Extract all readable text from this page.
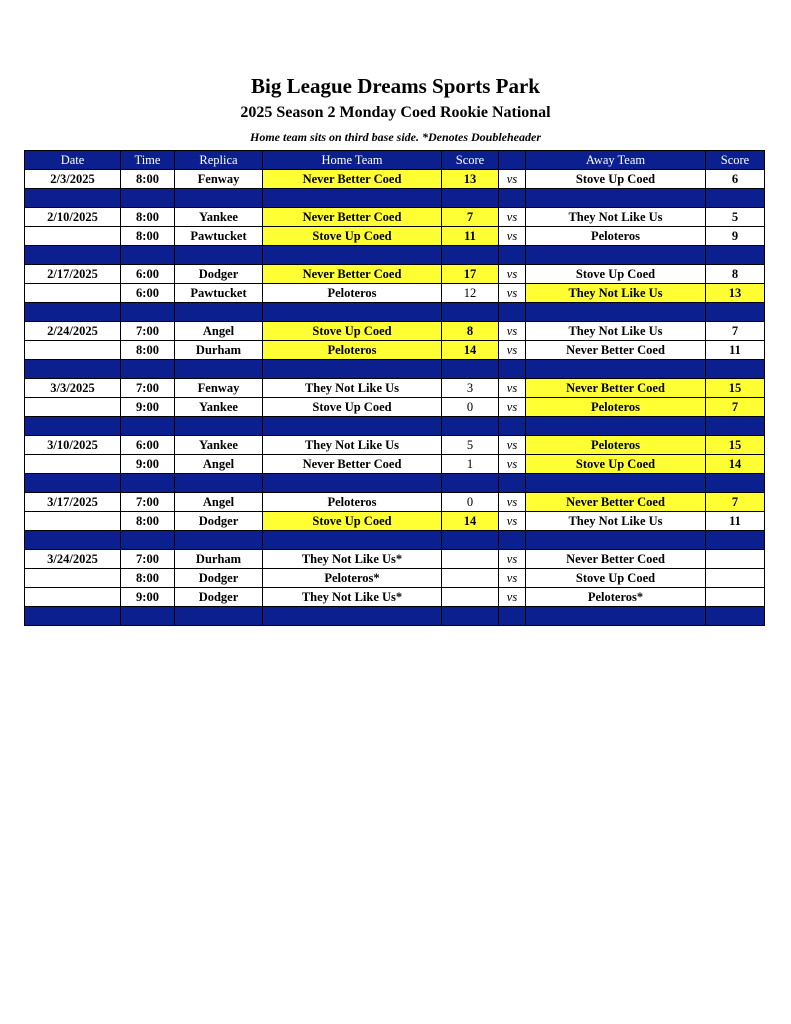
Big League Dreams Sports Park
2025 Season 2 Monday Coed Rookie National
Home team sits on third base side. *Denotes Doubleheader
Date	Time	Replica	Home Team	Score		Away Team	Score
2/3/2025	8:00	Fenway	Never Better Coed	13	vs	Stove Up Coed	6

2/10/2025	8:00	Yankee	Never Better Coed	7	vs	They Not Like Us	5
	8:00	Pawtucket	Stove Up Coed	11	vs	Peloteros	9

2/17/2025	6:00	Dodger	Never Better Coed	17	vs	Stove Up Coed	8
	6:00	Pawtucket	Peloteros	12	vs	They Not Like Us	13

2/24/2025	7:00	Angel	Stove Up Coed	8	vs	They Not Like Us	7
	8:00	Durham	Peloteros	14	vs	Never Better Coed	11

3/3/2025	7:00	Fenway	They Not Like Us	3	vs	Never Better Coed	15
	9:00	Yankee	Stove Up Coed	0	vs	Peloteros	7

3/10/2025	6:00	Yankee	They Not Like Us	5	vs	Peloteros	15
	9:00	Angel	Never Better Coed	1	vs	Stove Up Coed	14

3/17/2025	7:00	Angel	Peloteros	0	vs	Never Better Coed	7
	8:00	Dodger	Stove Up Coed	14	vs	They Not Like Us	11

3/24/2025	7:00	Durham	They Not Like Us*		vs	Never Better Coed	
	8:00	Dodger	Peloteros*		vs	Stove Up Coed	
	9:00	Dodger	They Not Like Us*		vs	Peloteros*	
